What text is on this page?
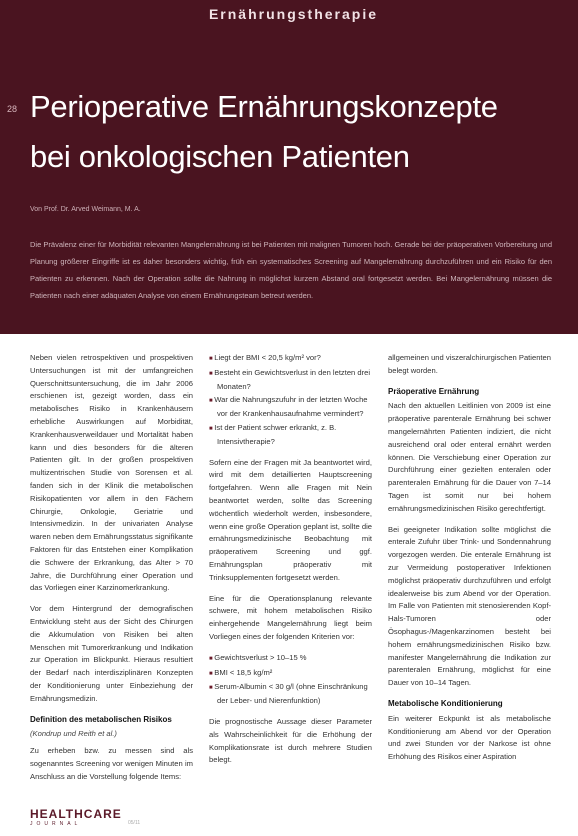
Ernährungstherapie
28 Perioperative Ernährungskonzepte
bei onkologischen Patienten
Von Prof. Dr. Arved Weimann, M. A.

Die Prävalenz einer für Morbidität relevanten Mangelernährung ist bei Patienten mit malignen Tumoren hoch. Gerade bei der präoperativen Vorbereitung und Planung größerer Eingriffe ist es daher besonders wichtig, früh ein systematisches Screening auf Mangelernährung durchzuführen und ein Risiko für den Patienten zu erkennen. Nach der Operation sollte die Nahrung in möglichst kurzem Abstand oral fortgesetzt werden. Bei Mangelernährung müssen die Patienten nach einer adäquaten Analyse von einem Ernährungsteam betreut werden.

Neben vielen retrospektiven und prospektiven Untersuchungen ist mit der umfangreichen Querschnittsuntersuchung, die im Jahr 2006 erschienen ist, gezeigt worden, dass ein metabolisches Risiko in Krankenhäusern erhebliche Auswirkungen auf Morbidität, Krankenhausverweildauer und Mortalität haben kann und dies besonders für die älteren Patienten gilt. In der großen prospektiven multizentrischen Studie von Sorensen et al. fanden sich in der Klinik die metabolischen Risikopatienten vor allem in den Fächern Chirurgie, Onkologie, Geriatrie und Intensivmedizin. In der univariaten Analyse waren neben dem Ernährungsstatus signifikante Faktoren für das Entstehen einer Komplikation die Schwere der Erkrankung, das Alter > 70 Jahre, die Durchführung einer Operation und das Vorliegen einer Karzinomerkrankung.

Vor dem Hintergrund der demografischen Entwicklung steht aus der Sicht des Chirurgen die Akkumulation von Risiken bei alten Menschen mit Tumorerkrankung und Indikation zur Operation im Blickpunkt. Hieraus resultiert der Bedarf nach interdisziplinären Konzepten der Konditionierung unter Einbeziehung der Ernährungsmedizin.

Definition des metabolischen Risikos

(Kondrup und Reith et al.)

Zu erheben bzw. zu messen sind als sogenanntes Screening vor wenigen Minuten im Anschluss an die Vorstellung folgende Items:

■ Liegt der BMI < 20,5 kg/m² vor?
■ Besteht ein Gewichtsverlust in den letzten drei Monaten?
■ War die Nahrungszufuhr in der letzten Woche vor der Krankenhausaufnahme vermindert?
■ Ist der Patient schwer erkrankt, z. B. Intensivtherapie?

Sofern eine der Fragen mit Ja beantwortet wird, wird mit dem detaillierten Hauptscreening fortgefahren. Wenn alle Fragen mit Nein beantwortet werden, sollte das Screening wöchentlich wiederholt werden, insbesondere, wenn eine große Operation geplant ist, sollte die ernährungsmedizinische Beobachtung mit präoperativem Screening und ggf. Ernährungsplan präoperativ mit Trinksupplementen fortgesetzt werden.

Eine für die Operationsplanung relevante schwere, mit hohem metabolischen Risiko einhergehende Mangelernährung liegt beim Vorliegen eines der folgenden Kriterien vor:

■ Gewichtsverlust > 10–15 %
■ BMI < 18,5 kg/m²
■ Serum-Albumin < 30 g/l (ohne Einschränkung der Leber- und Nierenfunktion)

Die prognostische Aussage dieser Parameter als Wahrscheinlichkeit für die Erhöhung der Komplikationsrate ist durch mehrere Studien belegt.

allgemeinen und viszeralchirurgischen Patienten belegt worden.

Präoperative Ernährung

Nach den aktuellen Leitlinien von 2009 ist eine präoperative parenterale Ernährung bei schwer mangelernährten Patienten indiziert, die nicht ausreichend oral oder enteral ernährt werden können. Die Verschiebung einer Operation zur Durchführung einer gezielten enteralen oder parenteralen Ernährung für die Dauer von 7–14 Tagen ist somit nur bei hohem ernährungsmedizinischen Risiko gerechtfertigt.

Bei geeigneter Indikation sollte möglichst die enterale Zufuhr über Trink- und Sondennahrung vorgezogen werden. Die enterale Ernährung ist zur Vermeidung postoperativer Infektionen möglichst präoperativ durchzuführen und erfolgt idealerweise bis zum Abend vor der Operation. Im Falle von Patienten mit stenosierenden Kopf-Hals-Tumoren oder Ösophagus-/Magenkarzinomen besteht bei hohem ernährungsmedizinischen Risiko bzw. manifester Mangelernährung die Indikation zur parenteralen Ernährung, möglichst für eine Dauer von 10–14 Tagen.

Metabolische Konditionierung

Ein weiterer Eckpunkt ist als metabolische Konditionierung am Abend vor der Operation und zwei Stunden vor der Narkose ist ohne Erhöhung des Risikos einer Aspiration

HEALTHCARE
JOURNAL	05/11
